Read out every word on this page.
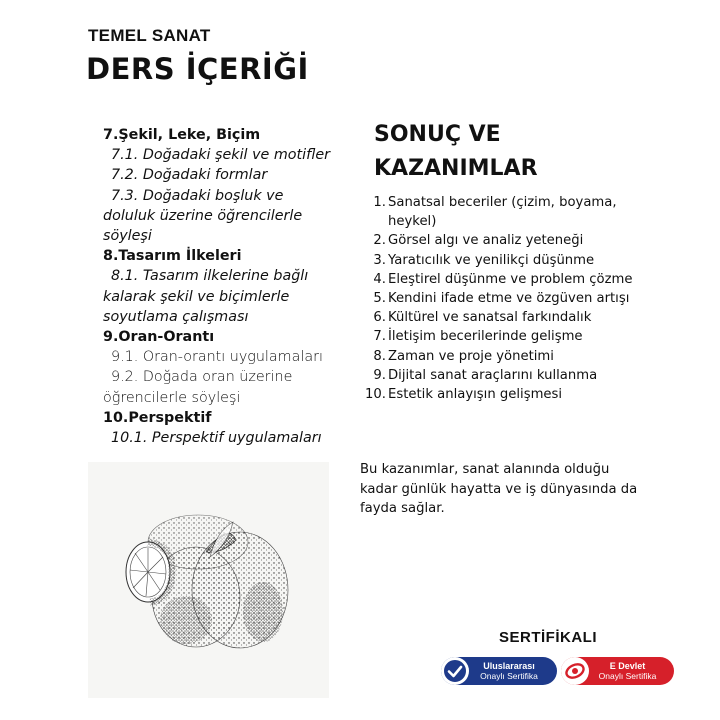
TEMEL SANAT
DERS İÇERİĞİ
7.Şekil, Leke, Biçim
7.1. Doğadaki şekil ve motifler
7.2. Doğadaki formlar
7.3. Doğadaki boşluk ve
doluluk üzerine öğrencilerle
söyleşi
8.Tasarım İlkeleri
8.1. Tasarım ilkelerine bağlı
kalarak şekil ve biçimlerle
soyutlama çalışması
9.Oran-Orantı
9.1. Oran-orantı uygulamaları
9.2. Doğada oran üzerine
öğrencilerle söyleşi
10.Perspektif
10.1. Perspektif uygulamaları
SONUÇ VE
KAZANIMLAR
1. Sanatsal beceriler (çizim, boyama, heykel)
2. Görsel algı ve analiz yeteneği
3. Yaratıcılık ve yenilikçi düşünme
4. Eleştirel düşünme ve problem çözme
5. Kendini ifade etme ve özgüven artışı
6. Kültürel ve sanatsal farkındalık
7. İletişim becerilerinde gelişme
8. Zaman ve proje yönetimi
9. Dijital sanat araçlarını kullanma
10. Estetik anlayışın gelişmesi
Bu kazanımlar, sanat alanında olduğu kadar günlük hayatta ve iş dünyasında da fayda sağlar.
SERTİFİKALI
Uluslararası
Onaylı Sertifika
E Devlet
Onaylı Sertifika
